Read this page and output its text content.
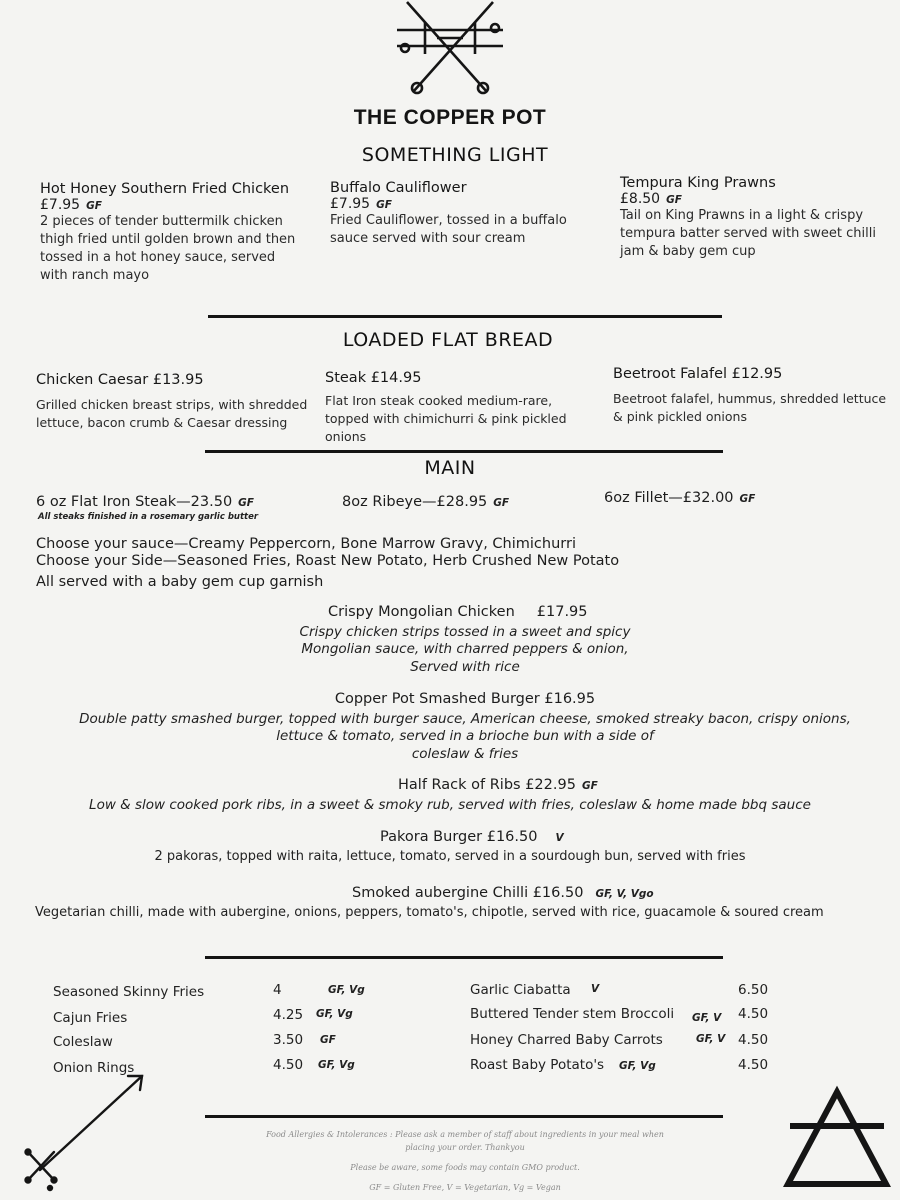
THE COPPER POT
SOMETHING LIGHT
Hot Honey Southern Fried Chicken
£7.95 GF
2 pieces of tender buttermilk chicken thigh fried until golden brown and then tossed in a hot honey sauce, served with ranch mayo
Buffalo Cauliflower
£7.95 GF
Fried Cauliflower, tossed in a buffalo sauce served with sour cream
Tempura King Prawns
£8.50 GF
Tail on King Prawns in a light & crispy tempura batter served with sweet chilli jam & baby gem cup
LOADED FLAT BREAD
Chicken Caesar £13.95
Grilled chicken breast strips, with shredded lettuce, bacon crumb & Caesar dressing
Steak £14.95
Flat Iron steak cooked medium-rare, topped with chimichurri & pink pickled onions
Beetroot Falafel £12.95
Beetroot falafel, hummus, shredded lettuce & pink pickled onions
MAIN
6 oz Flat Iron Steak—23.50 GF
All steaks finished in a rosemary garlic butter
8oz Ribeye—£28.95 GF	6oz Fillet—£32.00 GF
Choose your sauce—Creamy Peppercorn, Bone Marrow Gravy, Chimichurri
Choose your Side—Seasoned Fries, Roast New Potato, Herb Crushed New Potato
All served with a baby gem cup garnish
Crispy Mongolian Chicken £17.95
Crispy chicken strips tossed in a sweet and spicy
Mongolian sauce, with charred peppers & onion,
Served with rice
Copper Pot Smashed Burger £16.95
Double patty smashed burger, topped with burger sauce, American cheese, smoked streaky bacon, crispy onions,
lettuce & tomato, served in a brioche bun with a side of
coleslaw & fries
Half Rack of Ribs £22.95 GF
Low & slow cooked pork ribs, in a sweet & smoky rub, served with fries, coleslaw & home made bbq sauce
Pakora Burger £16.50 V
2 pakoras, topped with raita, lettuce, tomato, served in a sourdough bun, served with fries
Smoked aubergine Chilli £16.50 GF, V, Vgo
Vegetarian chilli, made with aubergine, onions, peppers, tomato's, chipotle, served with rice, guacamole & soured cream
Seasoned Skinny Fries	4	GF, Vg
Cajun Fries	4.25 GF, Vg
Coleslaw	3.50 GF
Onion Rings	4.50 GF, Vg
Garlic Ciabatta V	6.50
Buttered Tender stem Broccoli GF, V 4.50
Honey Charred Baby Carrots	GF, V 4.50
Roast Baby Potato's GF, Vg	4.50
Food Allergies & Intolerances : Please ask a member of staff about ingredients in your meal when placing your order. Thankyou
Please be aware, some foods may contain GMO product.
GF = Gluten Free, V = Vegetarian, Vg = Vegan
